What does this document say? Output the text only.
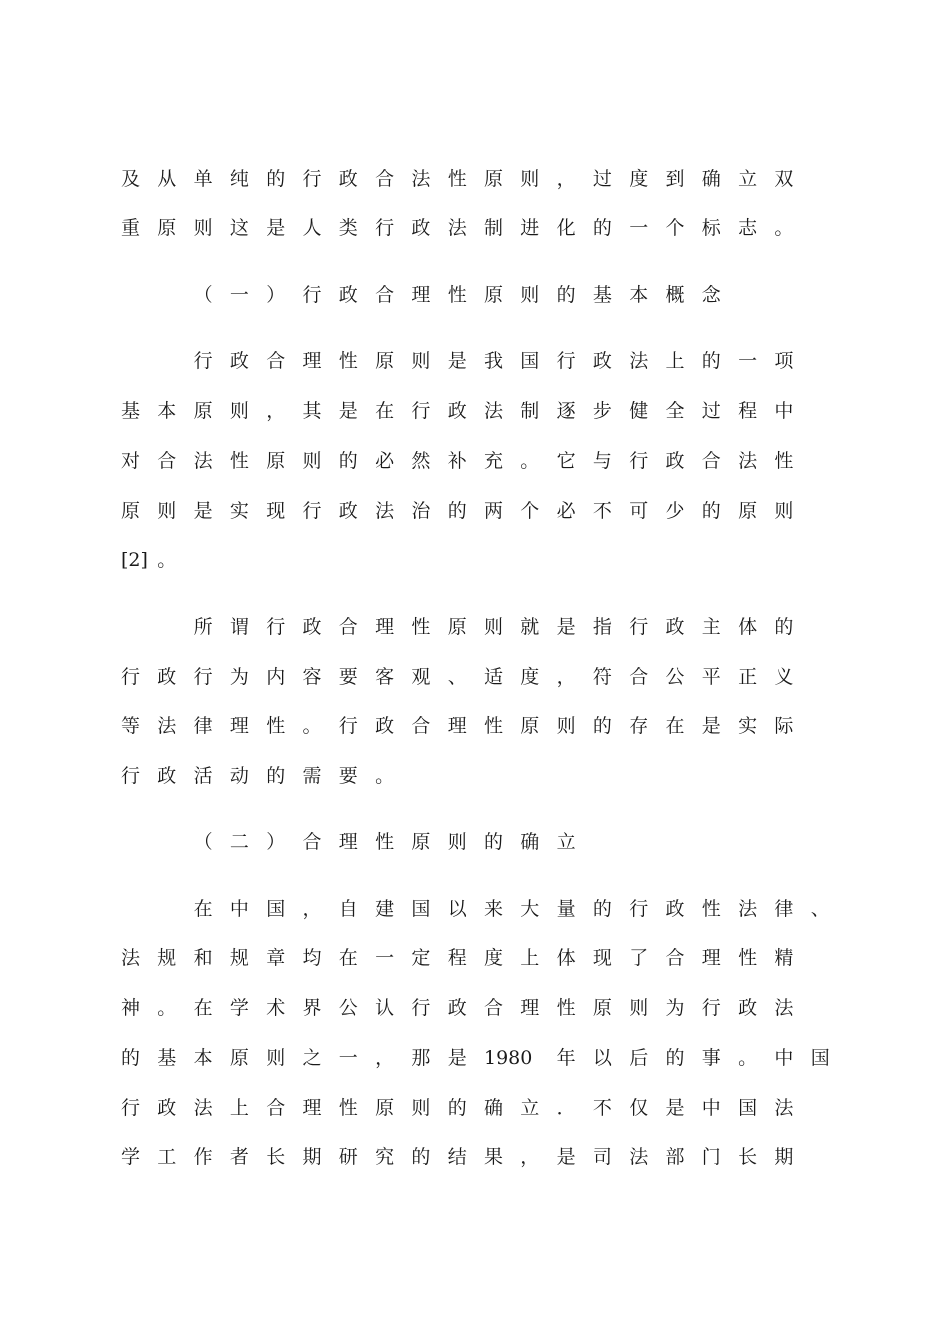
及 从 单 纯 的 行 政 合 法 性 原 则 ， 过 度 到 确 立 双
重 原 则 这 是 人 类 行 政 法 制 进 化 的 一 个 标 志 。
（ 一 ） 行 政 合 理 性 原 则 的 基 本 概 念
行 政 合 理 性 原 则 是 我 国 行 政 法 上 的 一 项
基 本 原 则 ， 其 是 在 行 政 法 制 逐 步 健 全 过 程 中
对 合 法 性 原 则 的 必 然 补 充 。 它 与 行 政 合 法 性
原 则 是 实 现 行 政 法 治 的 两 个 必 不 可 少 的 原 则
[2] 。
所 谓 行 政 合 理 性 原 则 就 是 指 行 政 主 体 的
行 政 行 为 内 容 要 客 观 、 适 度 ， 符 合 公 平 正 义
等 法 律 理 性 。 行 政 合 理 性 原 则 的 存 在 是 实 际
行 政 活 动 的 需 要 。
（ 二 ） 合 理 性 原 则 的 确 立
在 中 国 ， 自 建 国 以 来 大 量 的 行 政 性 法 律 、
法 规 和 规 章 均 在 一 定 程 度 上 体 现 了 合 理 性 精
神 。 在 学 术 界 公 认 行 政 合 理 性 原 则 为 行 政 法
的 基 本 原 则 之 一 ， 那 是 1980 年 以 后 的 事 。 中 国
行 政 法 上 合 理 性 原 则 的 确 立 ． 不 仅 是 中 国 法
学 工 作 者 长 期 研 究 的 结 果 ， 是 司 法 部 门 长 期
